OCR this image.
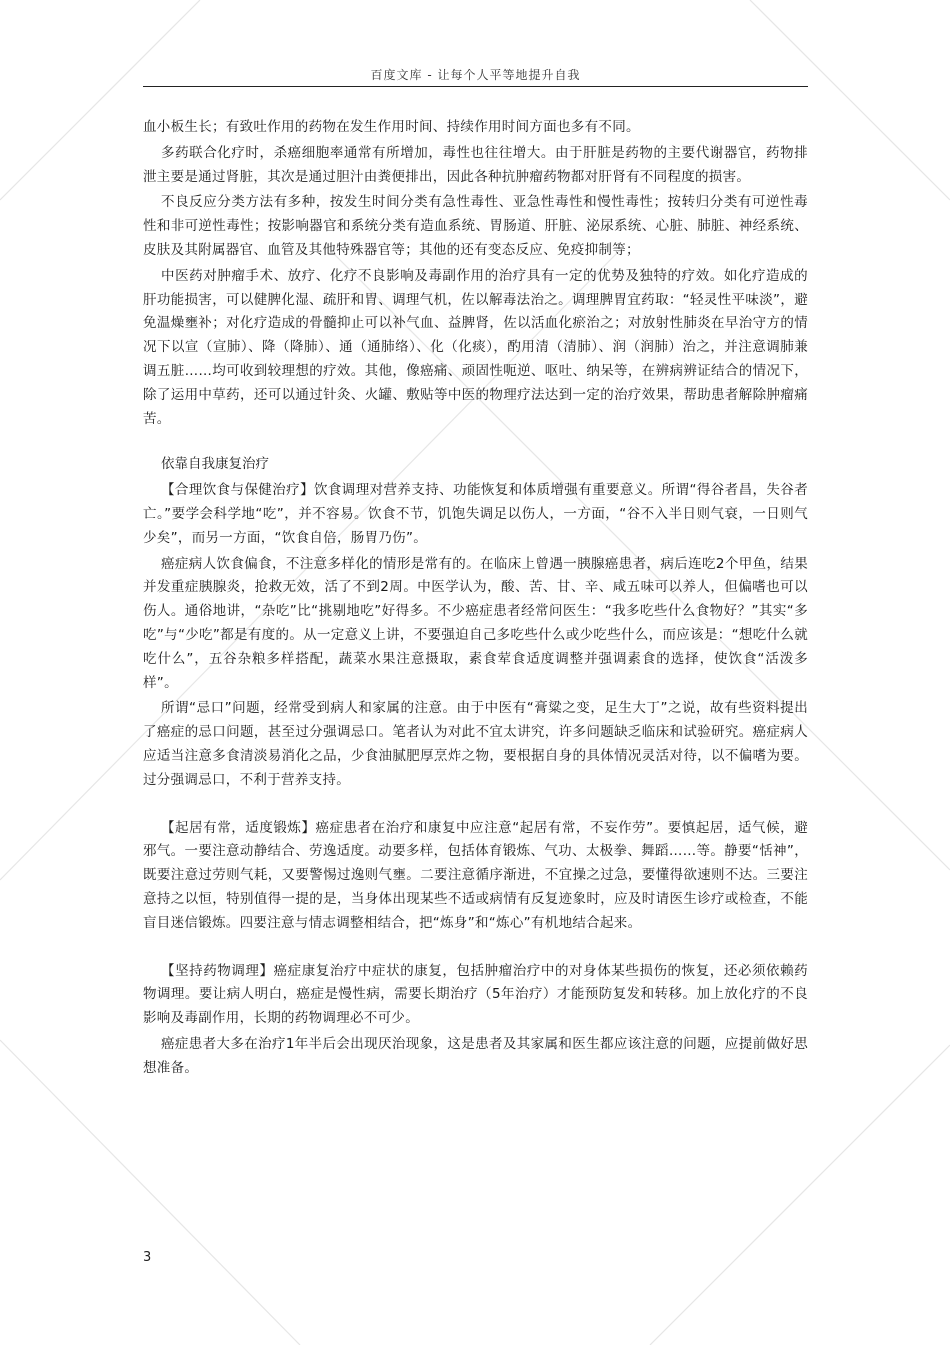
百度文库 - 让每个人平等地提升自我

血小板生长；有致吐作用的药物在发生作用时间、持续作用时间方面也多有不同。

多药联合化疗时，杀癌细胞率通常有所增加，毒性也往往增大。由于肝脏是药物的主要代谢器官，药物排泄主要是通过肾脏，其次是通过胆汁由粪便排出，因此各种抗肿瘤药物都对肝肾有不同程度的损害。

不良反应分类方法有多种，按发生时间分类有急性毒性、亚急性毒性和慢性毒性；按转归分类有可逆性毒性和非可逆性毒性；按影响器官和系统分类有造血系统、胃肠道、肝脏、泌尿系统、心脏、肺脏、神经系统、皮肤及其附属器官、血管及其他特殊器官等；其他的还有变态反应、免疫抑制等；

中医药对肿瘤手术、放疗、化疗不良影响及毒副作用的治疗具有一定的优势及独特的疗效。如化疗造成的肝功能损害，可以健脾化湿、疏肝和胃、调理气机，佐以解毒法治之。调理脾胃宜药取：“轻灵性平味淡”，避免温燥壅补；对化疗造成的骨髓抑止可以补气血、益脾肾，佐以活血化瘀治之；对放射性肺炎在早治守方的情况下以宣（宣肺）、降（降肺）、通（通肺络）、化（化痰），酌用清（清肺）、润（润肺）治之，并注意调肺兼调五脏……均可收到较理想的疗效。其他，像癌痛、顽固性呃逆、呕吐、纳呆等，在辨病辨证结合的情况下，除了运用中草药，还可以通过针灸、火罐、敷贴等中医的物理疗法达到一定的治疗效果，帮助患者解除肿瘤痛苦。

依靠自我康复治疗

【合理饮食与保健治疗】饮食调理对营养支持、功能恢复和体质增强有重要意义。所谓“得谷者昌，失谷者亡。”要学会科学地“吃”，并不容易。饮食不节，饥饱失调足以伤人，一方面，“谷不入半日则气衰，一日则气少矣”，而另一方面，“饮食自倍，肠胃乃伤”。

癌症病人饮食偏食，不注意多样化的情形是常有的。在临床上曾遇一胰腺癌患者，病后连吃2个甲鱼，结果并发重症胰腺炎，抢救无效，活了不到2周。中医学认为，酸、苦、甘、辛、咸五味可以养人，但偏嗜也可以伤人。通俗地讲，“杂吃”比“挑剔地吃”好得多。不少癌症患者经常问医生：“我多吃些什么食物好？”其实“多吃”与“少吃”都是有度的。从一定意义上讲，不要强迫自己多吃些什么或少吃些什么，而应该是：“想吃什么就吃什么”，五谷杂粮多样搭配，蔬菜水果注意摄取，素食荤食适度调整并强调素食的选择，使饮食“活泼多样”。

所谓“忌口”问题，经常受到病人和家属的注意。由于中医有“膏粱之变，足生大丁”之说，故有些资料提出了癌症的忌口问题，甚至过分强调忌口。笔者认为对此不宜太讲究，许多问题缺乏临床和试验研究。癌症病人应适当注意多食清淡易消化之品，少食油腻肥厚烹炸之物，要根据自身的具体情况灵活对待，以不偏嗜为要。过分强调忌口，不利于营养支持。

【起居有常，适度锻炼】癌症患者在治疗和康复中应注意“起居有常，不妄作劳”。要慎起居，适气候，避邪气。一要注意动静结合、劳逸适度。动要多样，包括体育锻炼、气功、太极拳、舞蹈……等。静要“恬神”，既要注意过劳则气耗，又要警惕过逸则气壅。二要注意循序渐进，不宜操之过急，要懂得欲速则不达。三要注意持之以恒，特别值得一提的是，当身体出现某些不适或病情有反复迹象时，应及时请医生诊疗或检查，不能盲目迷信锻炼。四要注意与情志调整相结合，把“炼身”和“炼心”有机地结合起来。

【坚持药物调理】癌症康复治疗中症状的康复，包括肿瘤治疗中的对身体某些损伤的恢复，还必须依赖药物调理。要让病人明白，癌症是慢性病，需要长期治疗（5年治疗）才能预防复发和转移。加上放化疗的不良影响及毒副作用，长期的药物调理必不可少。

癌症患者大多在治疗1年半后会出现厌治现象，这是患者及其家属和医生都应该注意的问题，应提前做好思想准备。

3
